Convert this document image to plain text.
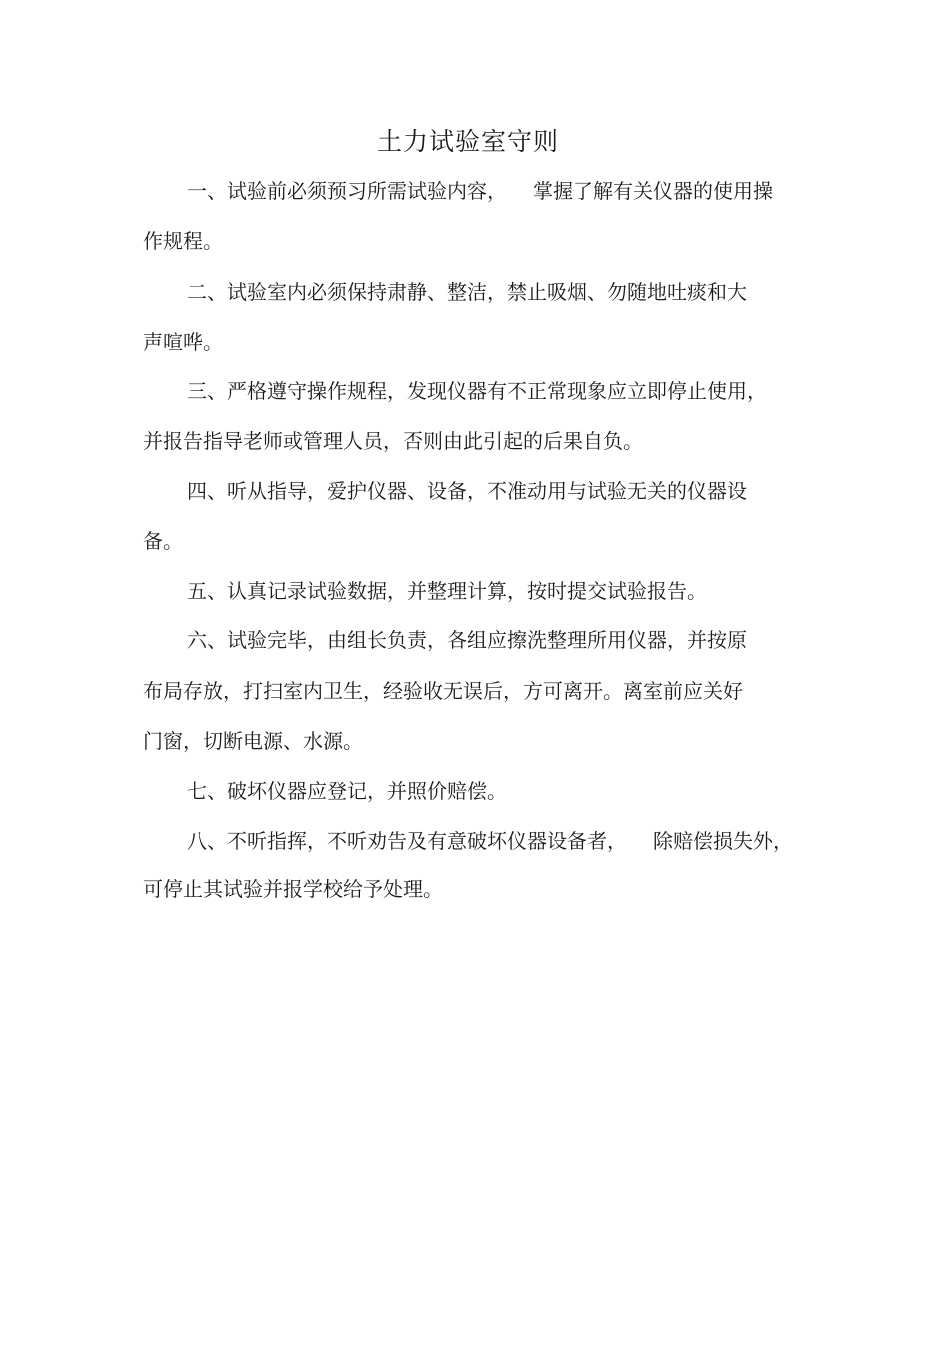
土力试验室守则
一、试验前必须预习所需试验内容， 掌握了解有关仪器的使用操
作规程。
二、试验室内必须保持肃静、整洁，禁止吸烟、勿随地吐痰和大
声喧哗。
三、严格遵守操作规程，发现仪器有不正常现象应立即停止使用，
并报告指导老师或管理人员，否则由此引起的后果自负。
四、听从指导，爱护仪器、设备，不准动用与试验无关的仪器设
备。
五、认真记录试验数据，并整理计算，按时提交试验报告。
六、试验完毕，由组长负责，各组应擦洗整理所用仪器，并按原
布局存放，打扫室内卫生，经验收无误后，方可离开。离室前应关好
门窗，切断电源、水源。
七、破坏仪器应登记，并照价赔偿。
八、不听指挥，不听劝告及有意破坏仪器设备者， 除赔偿损失外，
可停止其试验并报学校给予处理。
